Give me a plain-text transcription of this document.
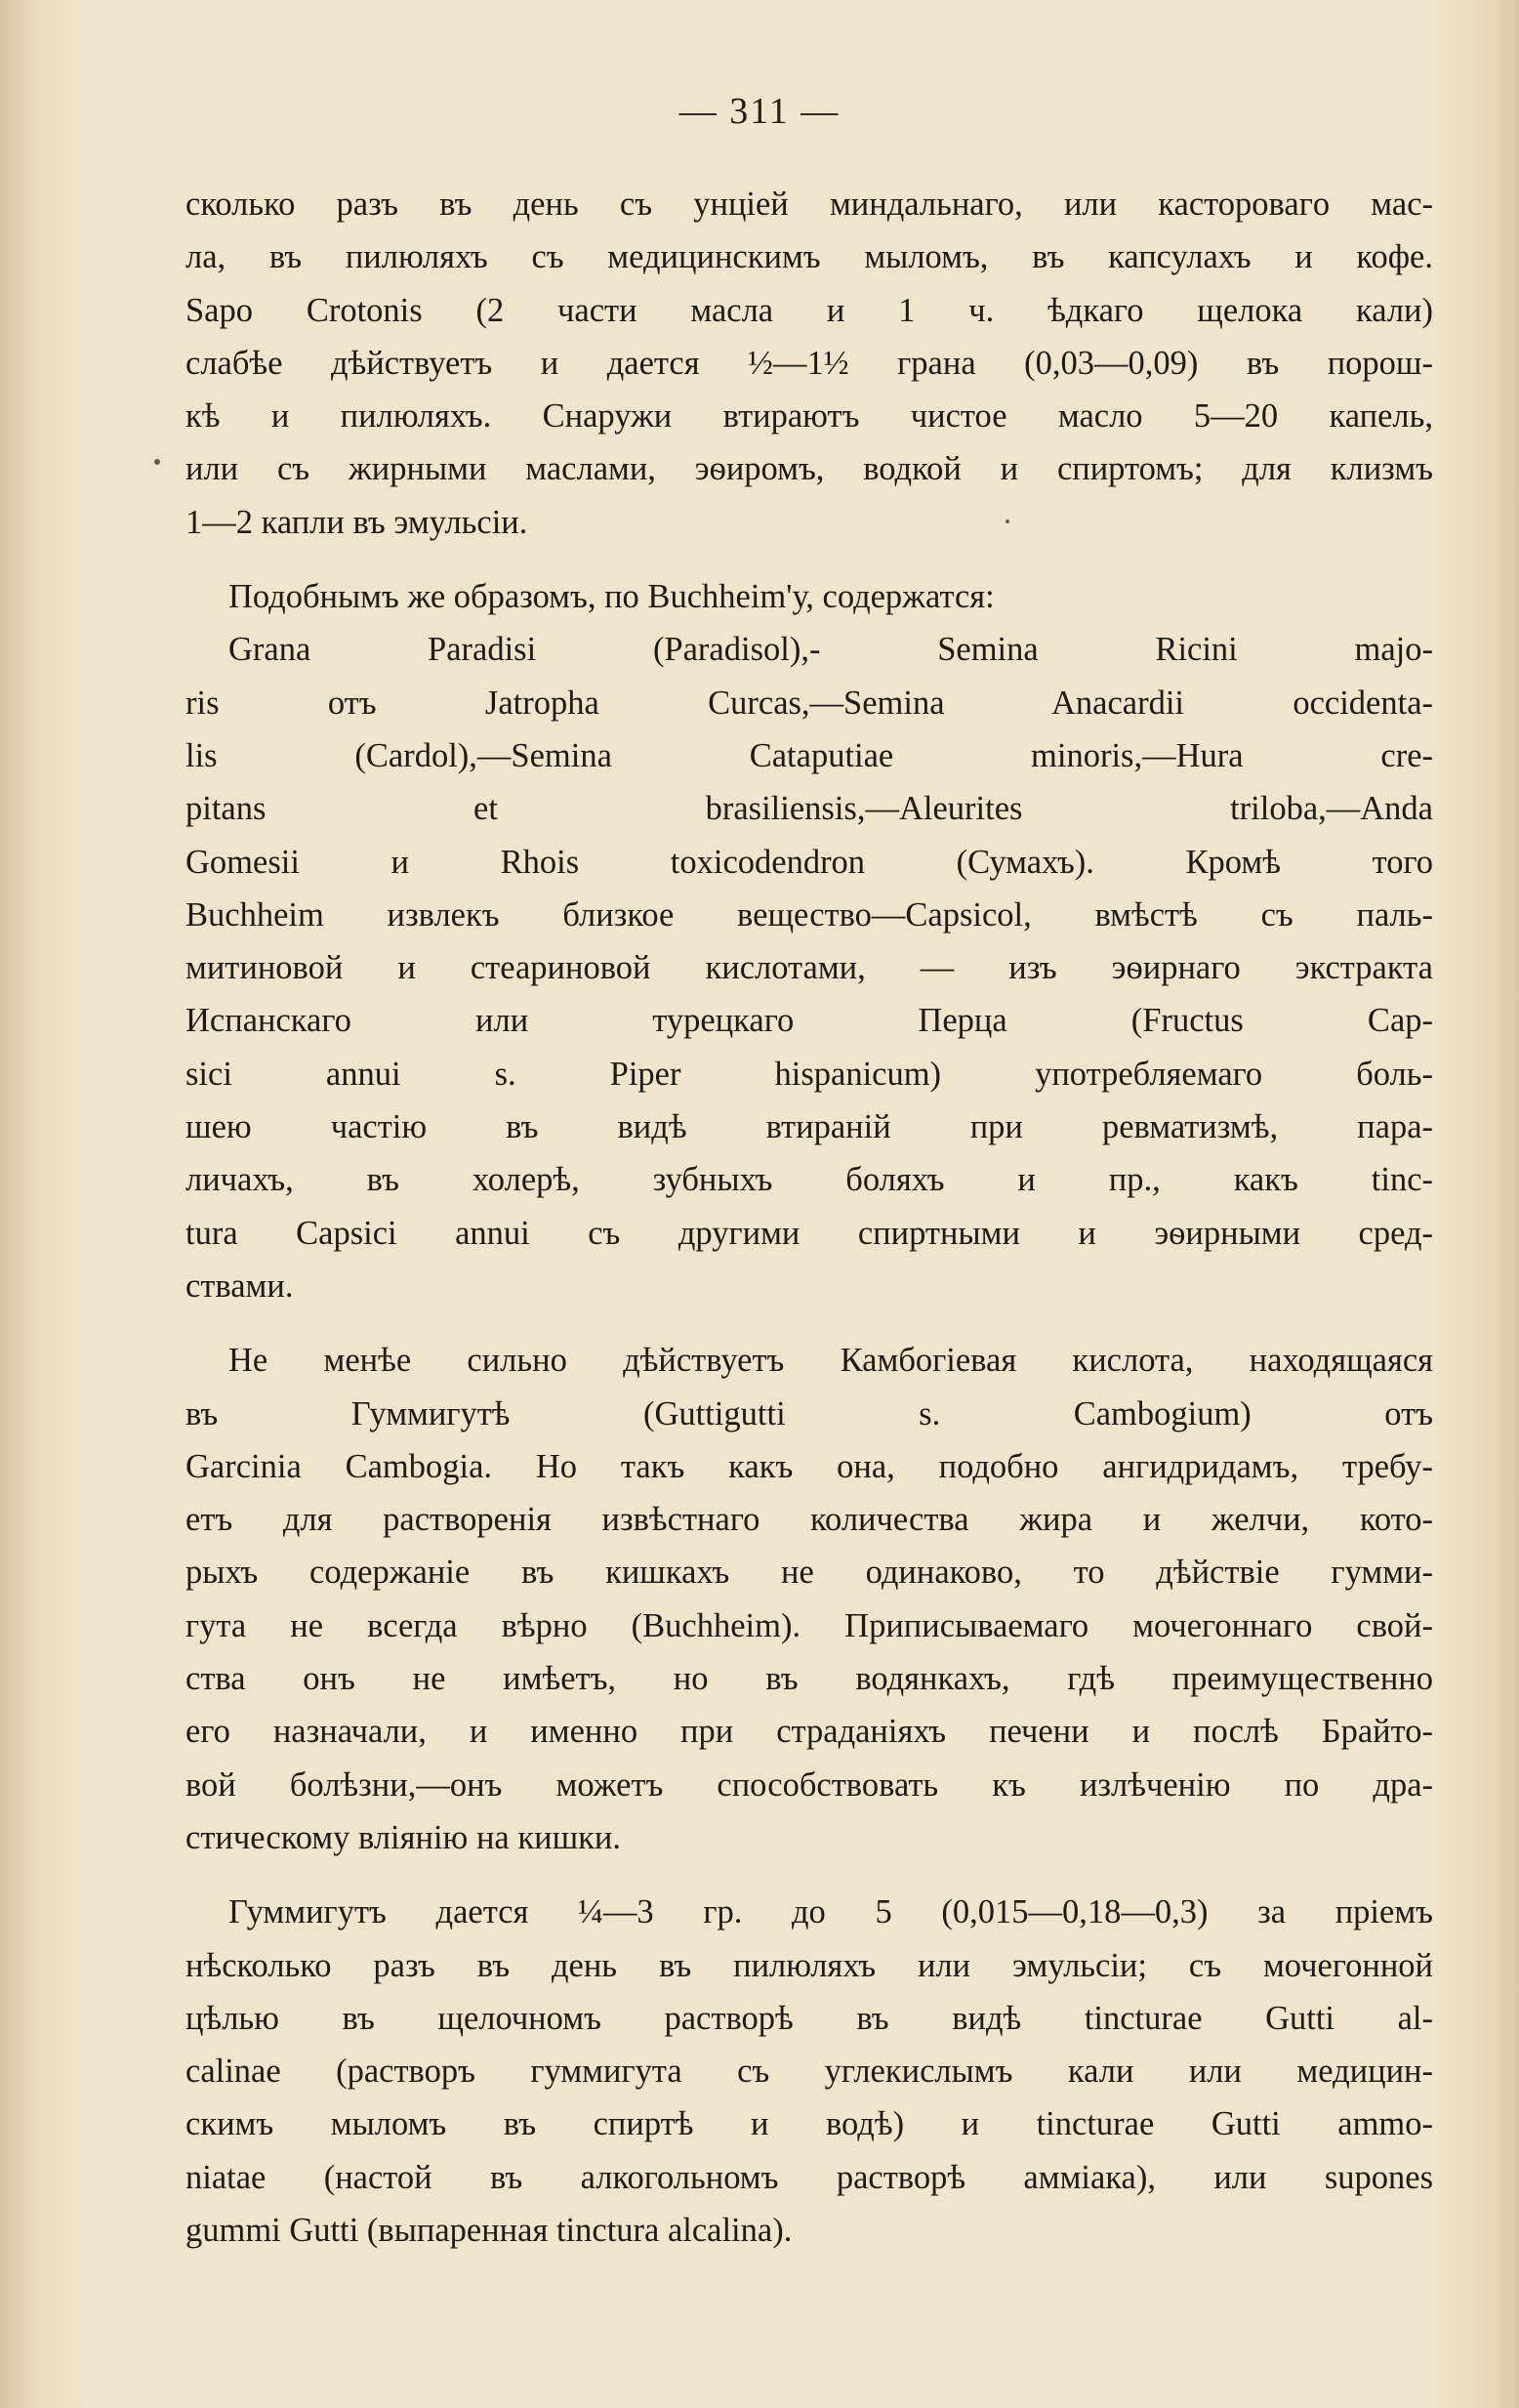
— 311 —
сколько разъ въ день съ унціей миндальнаго, или касторовагo мас-
ла, въ пилюляхъ съ медицинскимъ мыломъ, въ капсулахъ и кофе.
Sapo Crotonis (2 части масла и 1 ч. ѣдкаго щелока кали)
слабѣе дѣйствуетъ и дается ½—1½ грана (0,03—0,09) въ порош-
кѣ и пилюляхъ. Снаружи втираютъ чистое масло 5—20 капель,
или съ жирными маслами, эѳиромъ, водкой и спиртомъ; для клизмъ
1—2 капли въ эмульсіи.
Подобнымъ же образомъ, по Buchheim'у, содержатся:
Grana Paradisi (Paradisol),- Semina Ricini majo-
ris отъ Jatropha Curcas,—Semina Anacardii occidenta-
lis (Cardol),—Semina Cataputiae minoris,—Hura cre-
pitans et brasiliensis,—Aleurites triloba,—Anda
Gomesii и Rhois toxicodendron (Сумахъ). Кромѣ того
Buchheim извлекъ близкое вещество—Capsicol, вмѣстѣ съ паль-
митиновой и стеариновой кислотами, — изъ эѳирнаго экстракта
Испанскаго или турецкаго Перца (Fructus Cap-
sici annui s. Piper hispanicum) употребляемаго боль-
шею частію въ видѣ втираній при ревматизмѣ, пара-
личахъ, въ холерѣ, зубныхъ боляхъ и пр., какъ tinc-
tura Capsici annui съ другими спиртными и эѳирными сред-
ствами.
Не менѣе сильно дѣйствуетъ Камбогіевая кислота, находящаяся
въ Гуммигутѣ (Guttigutti s. Cambogium) отъ
Garcinia Cambogia. Но такъ какъ она, подобно ангидридамъ, требу-
етъ для растворенія извѣстнаго количества жира и желчи, кото-
рыхъ содержаніе въ кишкахъ не одинаково, то дѣйствіе гумми-
гута не всегда вѣрно (Buchheim). Приписываемаго мочегоннаго свой-
ства онъ не имѣетъ, но въ водянкахъ, гдѣ преимущественно
его назначали, и именно при страданіяхъ печени и послѣ Брайто-
вой болѣзни,—онъ можетъ способствовать къ излѣченію по дра-
стическому вліянію на кишки.
Гуммигутъ дается ¼—3 гр. до 5 (0,015—0,18—0,3) за пріемъ
нѣсколько разъ въ день въ пилюляхъ или эмульсіи; съ мочегонной
цѣлью въ щелочномъ растворѣ въ видѣ tincturae Gutti al-
calinae (растворъ гуммигута съ углекислымъ кали или медицин-
скимъ мыломъ въ спиртѣ и водѣ) и tincturae Gutti ammo-
niatae (настой въ алкогольномъ растворѣ амміака), или supones
gummi Gutti (выпаренная tinctura alcalina).
